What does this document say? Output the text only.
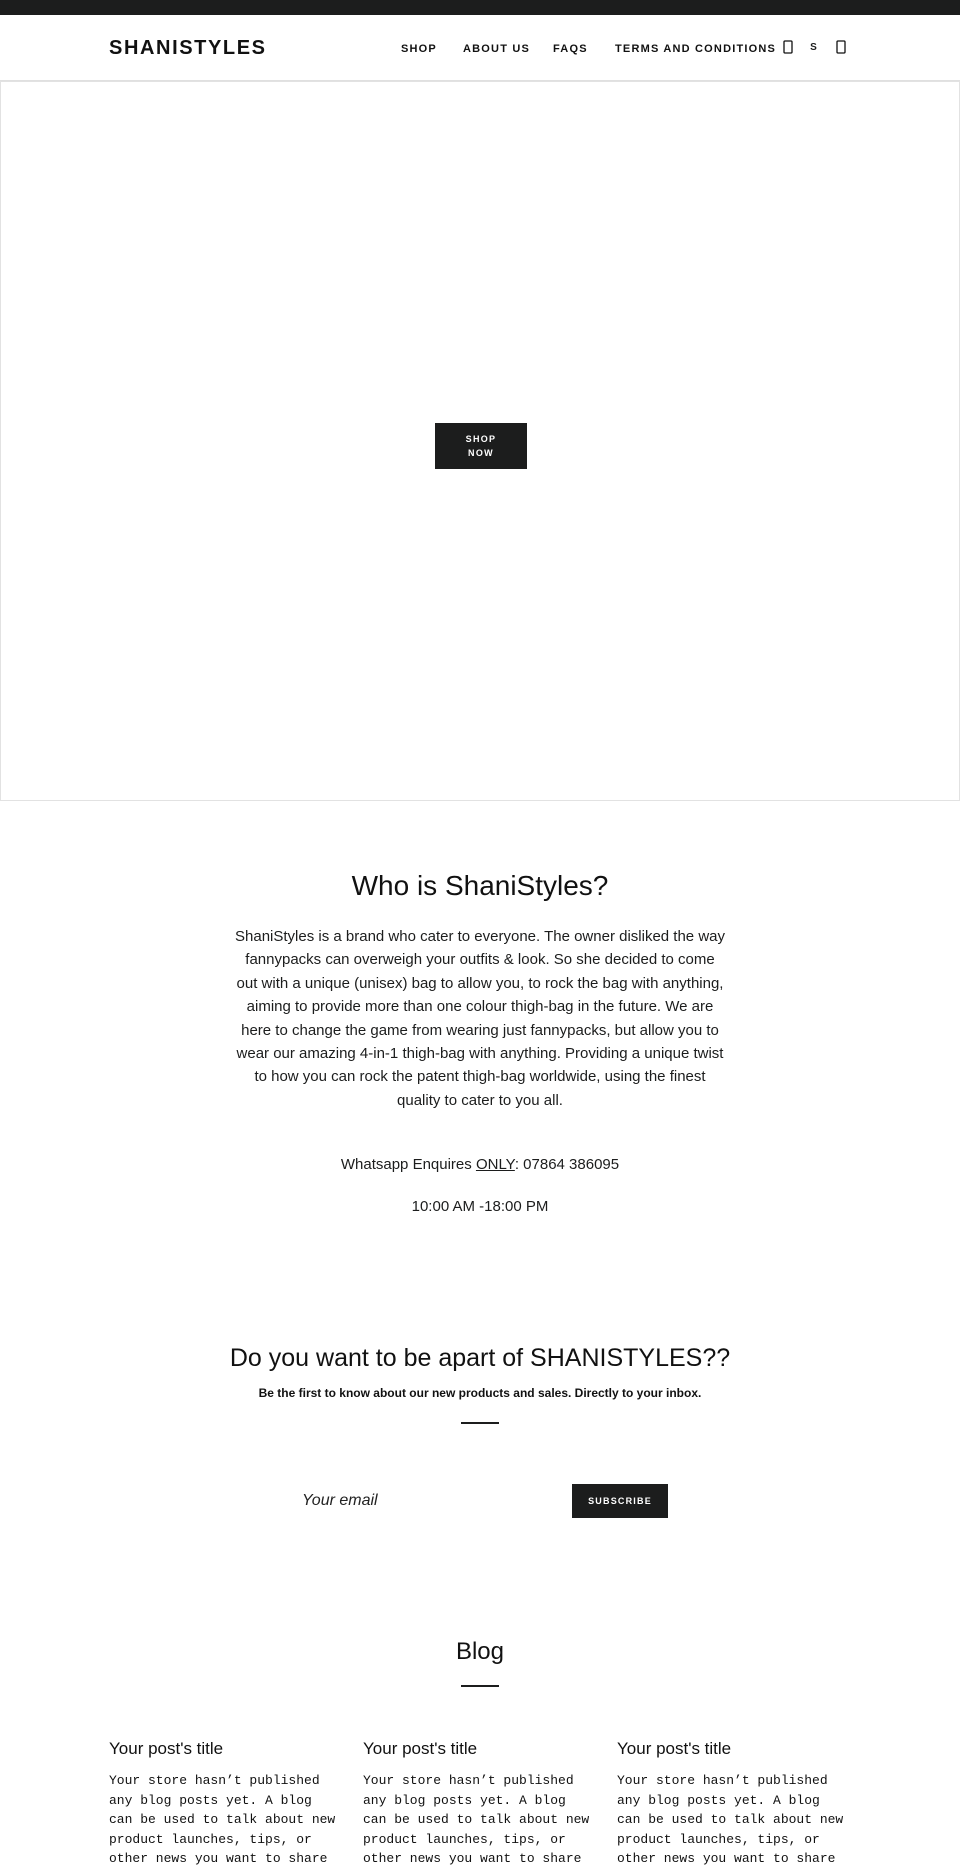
SHANISTYLES	SHOP ABOUT US FAQS TERMS AND CONDITIONS	S
SHOP
NOW
Who is ShaniStyles?

ShaniStyles is a brand who cater to everyone. The owner disliked the way fannypacks can overweigh your outfits & look. So she decided to come out with a unique (unisex) bag to allow you, to rock the bag with anything, aiming to provide more than one colour thigh-bag in the future. We are here to change the game from wearing just fannypacks, but allow you to wear our amazing 4-in-1 thigh-bag with anything. Providing a unique twist to how you can rock the patent thigh-bag worldwide, using the finest quality to cater to you all.

Whatsapp Enquires ONLY: 07864 386095

10:00 AM -18:00 PM

Do you want to be apart of SHANISTYLES??

Be the first to know about our new products and sales. Directly to your inbox.

Your email
SUBSCRIBE
Blog
Your post's title

Your store hasn’t published any blog posts yet. A blog can be used to talk about new product launches, tips, or other news you want to share

Your post's title

Your store hasn’t published any blog posts yet. A blog can be used to talk about new product launches, tips, or other news you want to share

Your post's title

Your store hasn’t published any blog posts yet. A blog can be used to talk about new product launches, tips, or other news you want to share
